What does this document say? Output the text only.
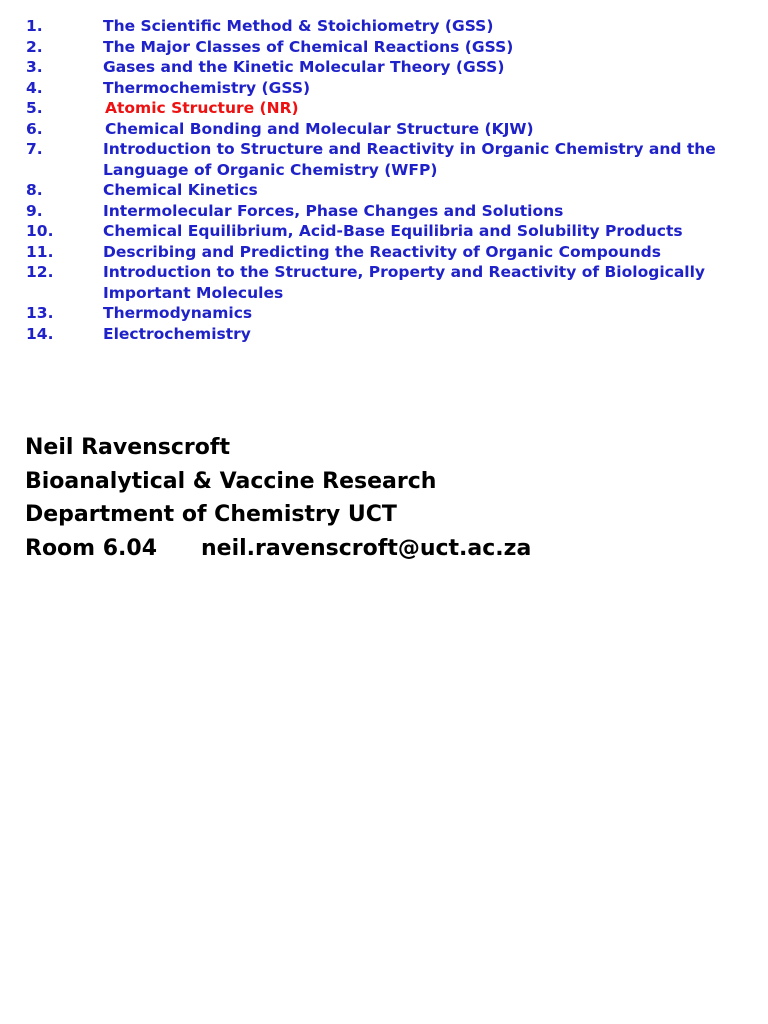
1.	The Scientific Method & Stoichiometry (GSS)
2.	The Major Classes of Chemical Reactions (GSS)
3.	Gases and the Kinetic Molecular Theory (GSS)
4.	Thermochemistry (GSS)
5.	Atomic Structure (NR)
6.	Chemical Bonding and Molecular Structure (KJW)
7.	Introduction to Structure and Reactivity in Organic Chemistry and the Language of Organic Chemistry (WFP)
8.	Chemical Kinetics
9.	Intermolecular Forces, Phase Changes and Solutions
10.	Chemical Equilibrium, Acid-Base Equilibria and Solubility Products
11.	Describing and Predicting the Reactivity of Organic Compounds
12.	Introduction to the Structure, Property and Reactivity of Biologically Important Molecules
13.	Thermodynamics
14.	Electrochemistry
Neil Ravenscroft
Bioanalytical & Vaccine Research
Department of Chemistry UCT
Room 6.04 neil.ravenscroft@uct.ac.za
